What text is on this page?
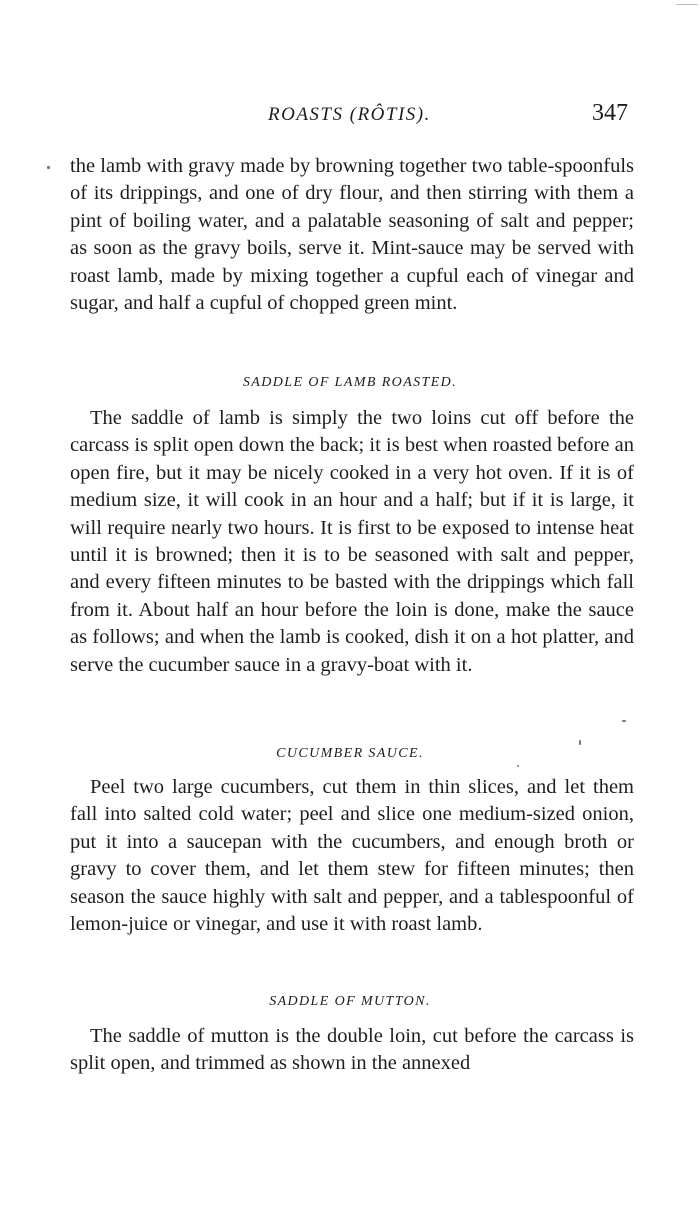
ROASTS (RÔTIS).	347
the lamb with gravy made by browning together two table-spoonfuls of its drippings, and one of dry flour, and then stirring with them a pint of boiling water, and a palatable seasoning of salt and pepper; as soon as the gravy boils, serve it. Mint-sauce may be served with roast lamb, made by mixing together a cupful each of vinegar and sugar, and half a cupful of chopped green mint.
SADDLE OF LAMB ROASTED.
The saddle of lamb is simply the two loins cut off before the carcass is split open down the back; it is best when roasted before an open fire, but it may be nicely cooked in a very hot oven. If it is of medium size, it will cook in an hour and a half; but if it is large, it will require nearly two hours. It is first to be exposed to intense heat until it is browned; then it is to be seasoned with salt and pepper, and every fifteen minutes to be basted with the drippings which fall from it. About half an hour before the loin is done, make the sauce as follows; and when the lamb is cooked, dish it on a hot platter, and serve the cucumber sauce in a gravy-boat with it.
CUCUMBER SAUCE.
Peel two large cucumbers, cut them in thin slices, and let them fall into salted cold water; peel and slice one medium-sized onion, put it into a saucepan with the cucumbers, and enough broth or gravy to cover them, and let them stew for fifteen minutes; then season the sauce highly with salt and pepper, and a tablespoonful of lemon-juice or vinegar, and use it with roast lamb.
SADDLE OF MUTTON.
The saddle of mutton is the double loin, cut before the carcass is split open, and trimmed as shown in the annexed
